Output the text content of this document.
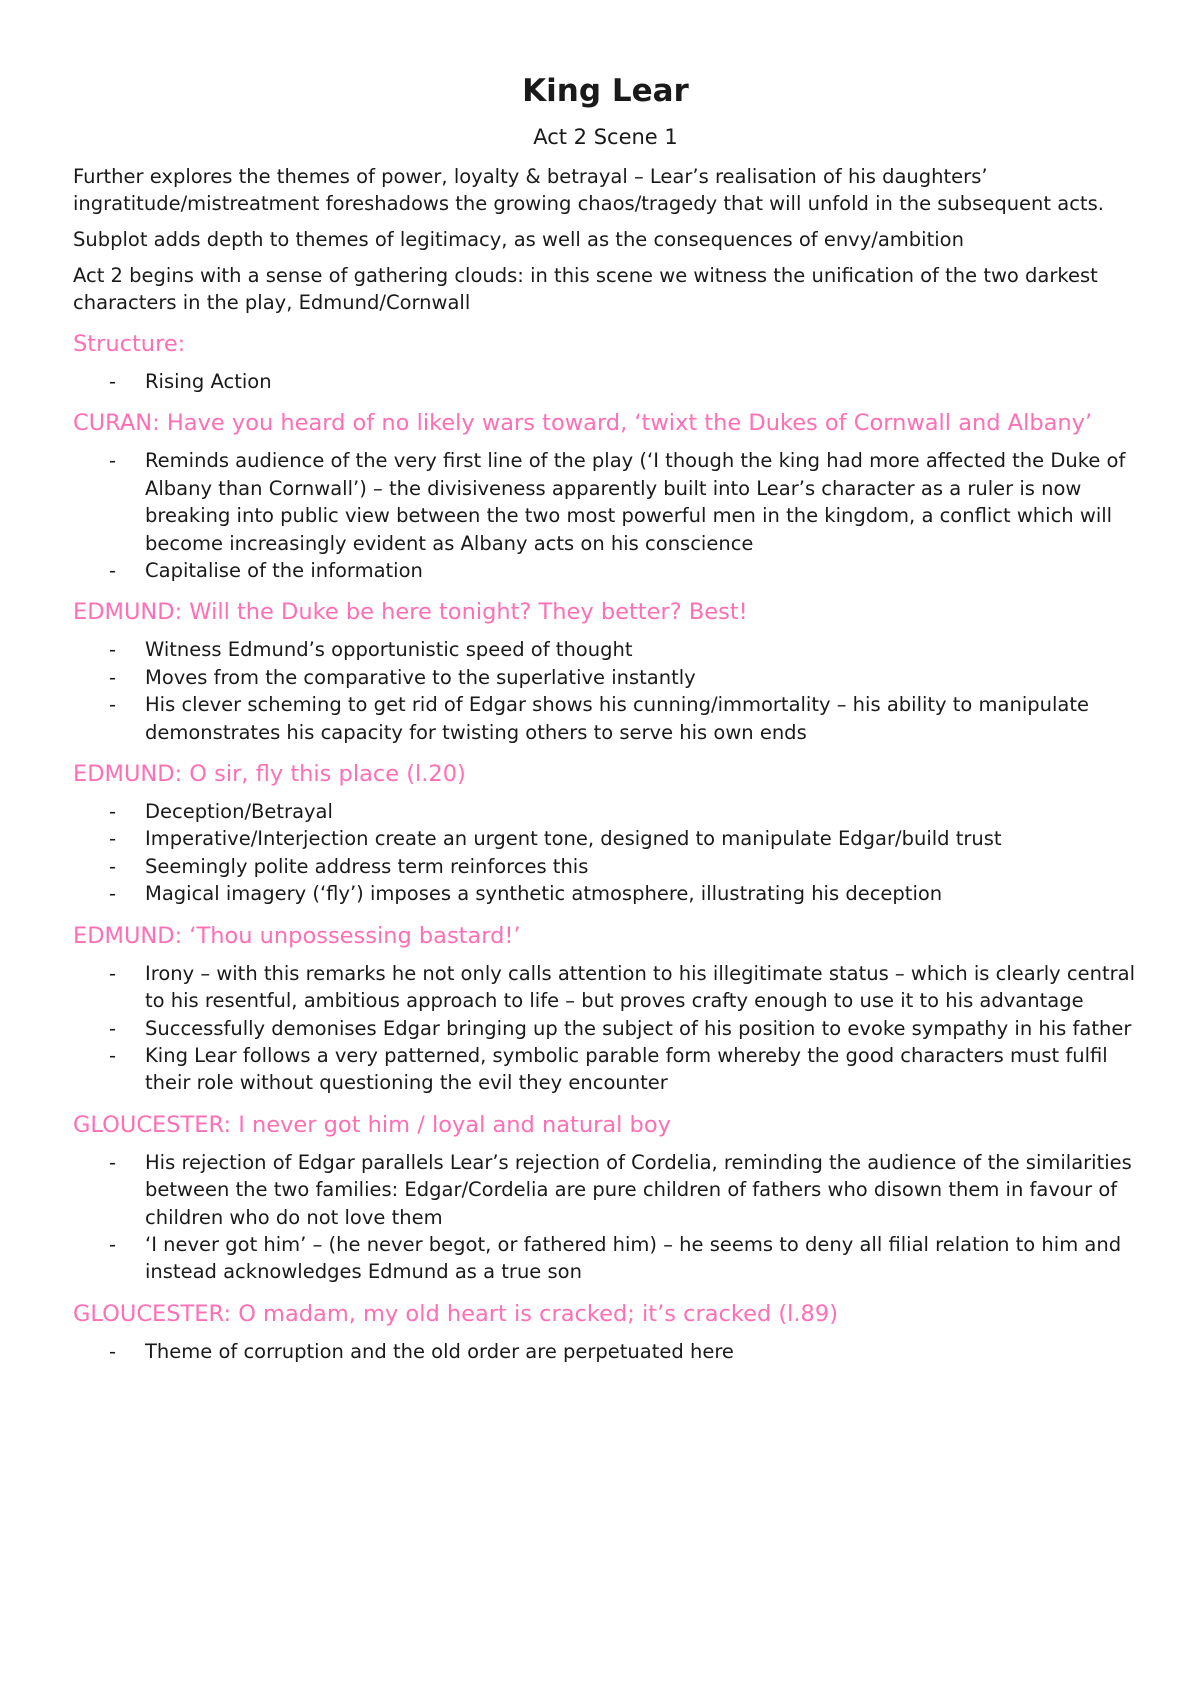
King Lear
Act 2 Scene 1

Further explores the themes of power, loyalty & betrayal – Lear’s realisation of his daughters’ ingratitude/mistreatment foreshadows the growing chaos/tragedy that will unfold in the subsequent acts.

Subplot adds depth to themes of legitimacy, as well as the consequences of envy/ambition

Act 2 begins with a sense of gathering clouds: in this scene we witness the unification of the two darkest characters in the play, Edmund/Cornwall

Structure:
- Rising Action
CURAN: Have you heard of no likely wars toward, ‘twixt the Dukes of Cornwall and Albany’
- Reminds audience of the very first line of the play (‘I though the king had more affected the Duke of Albany than Cornwall’) – the divisiveness apparently built into Lear’s character as a ruler is now breaking into public view between the two most powerful men in the kingdom, a conflict which will become increasingly evident as Albany acts on his conscience
- Capitalise of the information
EDMUND: Will the Duke be here tonight? They better? Best!
- Witness Edmund’s opportunistic speed of thought
- Moves from the comparative to the superlative instantly
- His clever scheming to get rid of Edgar shows his cunning/immortality – his ability to manipulate demonstrates his capacity for twisting others to serve his own ends
EDMUND: O sir, fly this place (l.20)
- Deception/Betrayal
- Imperative/Interjection create an urgent tone, designed to manipulate Edgar/build trust
- Seemingly polite address term reinforces this
- Magical imagery (‘fly’) imposes a synthetic atmosphere, illustrating his deception
EDMUND: ‘Thou unpossessing bastard!’
- Irony – with this remarks he not only calls attention to his illegitimate status – which is clearly central to his resentful, ambitious approach to life – but proves crafty enough to use it to his advantage
- Successfully demonises Edgar bringing up the subject of his position to evoke sympathy in his father
- King Lear follows a very patterned, symbolic parable form whereby the good characters must fulfil their role without questioning the evil they encounter
GLOUCESTER: I never got him / loyal and natural boy
- His rejection of Edgar parallels Lear’s rejection of Cordelia, reminding the audience of the similarities between the two families: Edgar/Cordelia are pure children of fathers who disown them in favour of children who do not love them
- ‘I never got him’ – (he never begot, or fathered him) – he seems to deny all filial relation to him and instead acknowledges Edmund as a true son
GLOUCESTER: O madam, my old heart is cracked; it’s cracked (l.89)
- Theme of corruption and the old order are perpetuated here
